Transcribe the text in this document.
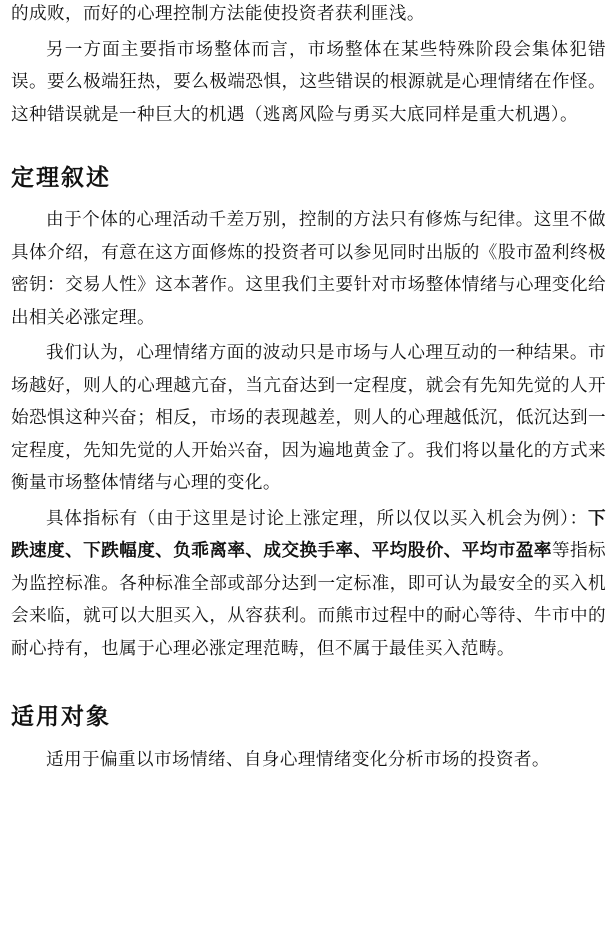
的成败，而好的心理控制方法能使投资者获利匪浅。

另一方面主要指市场整体而言，市场整体在某些特殊阶段会集体犯错误。要么极端狂热，要么极端恐惧，这些错误的根源就是心理情绪在作怪。这种错误就是一种巨大的机遇（逃离风险与勇买大底同样是重大机遇）。

定理叙述

由于个体的心理活动千差万别，控制的方法只有修炼与纪律。这里不做具体介绍，有意在这方面修炼的投资者可以参见同时出版的《股市盈利终极密钥：交易人性》这本著作。这里我们主要针对市场整体情绪与心理变化给出相关必涨定理。

我们认为，心理情绪方面的波动只是市场与人心理互动的一种结果。市场越好，则人的心理越亢奋，当亢奋达到一定程度，就会有先知先觉的人开始恐惧这种兴奋；相反，市场的表现越差，则人的心理越低沉，低沉达到一定程度，先知先觉的人开始兴奋，因为遍地黄金了。我们将以量化的方式来衡量市场整体情绪与心理的变化。

具体指标有（由于这里是讨论上涨定理，所以仅以买入机会为例）：下跌速度、下跌幅度、负乖离率、成交换手率、平均股价、平均市盈率等指标为监控标准。各种标准全部或部分达到一定标准，即可认为最安全的买入机会来临，就可以大胆买入，从容获利。而熊市过程中的耐心等待、牛市中的耐心持有，也属于心理必涨定理范畴，但不属于最佳买入范畴。

适用对象

适用于偏重以市场情绪、自身心理情绪变化分析市场的投资者。
